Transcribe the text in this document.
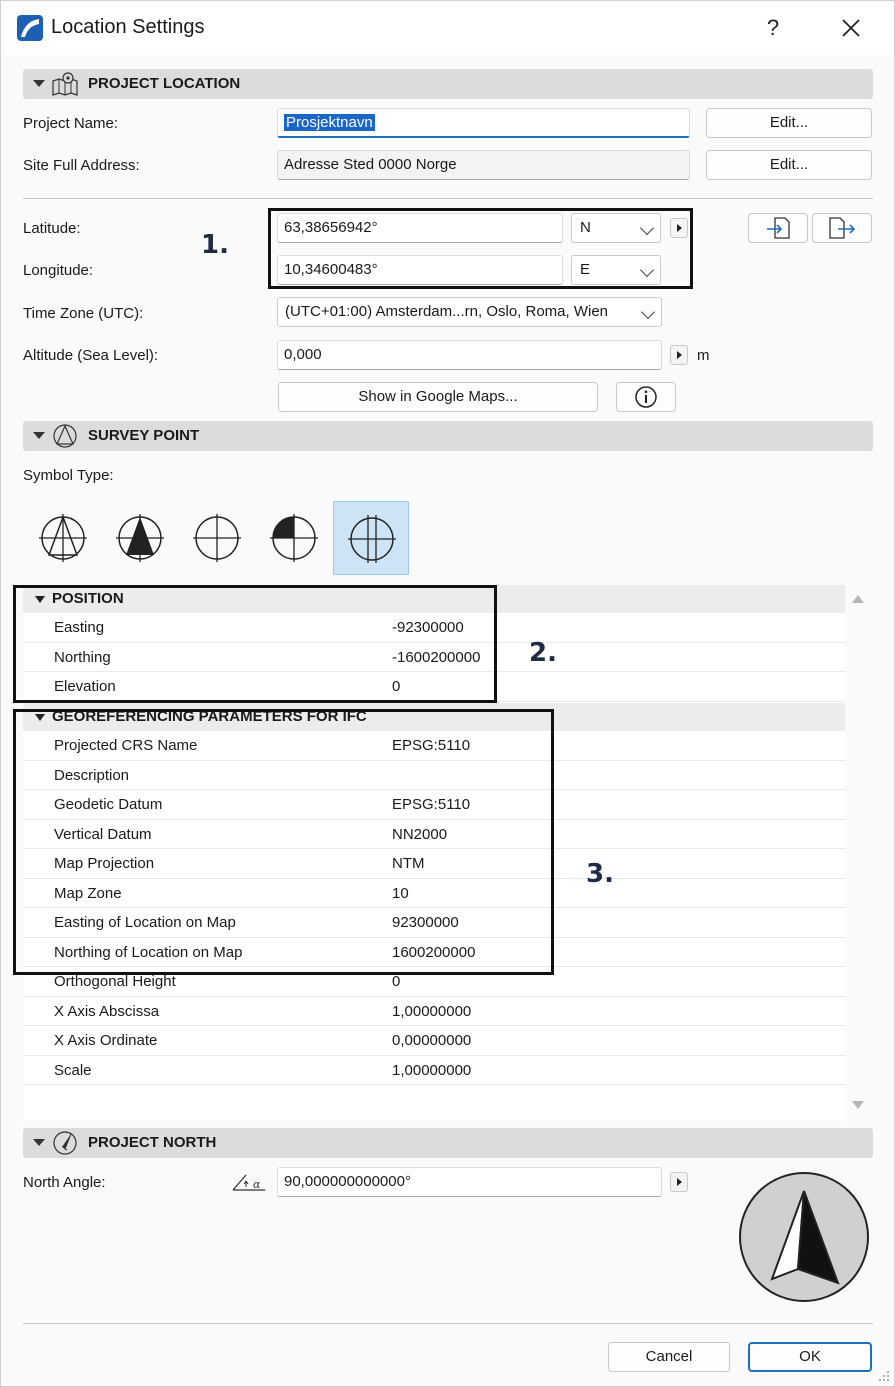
Location Settings	?
PROJECT LOCATION
Project Name:	Prosjektnavn	Edit...
Site Full Address:	Adresse Sted 0000 Norge	Edit...
Latitude:	63,38656942°	N
Longitude:	10,34600483°	E
1.
Time Zone (UTC):	(UTC+01:00) Amsterdam...rn, Oslo, Roma, Wien
Altitude (Sea Level):	0,000	m
Show in Google Maps...
SURVEY POINT
Symbol Type:
POSITION
Easting	-92300000
Northing	-1600200000
Elevation	0
GEOREFERENCING PARAMETERS FOR IFC
Projected CRS Name	EPSG:5110
Description
Geodetic Datum	EPSG:5110
Vertical Datum	NN2000
Map Projection	NTM
Map Zone	10
Easting of Location on Map	92300000
Northing of Location on Map	1600200000
Orthogonal Height	0
X Axis Abscissa	1,00000000
X Axis Ordinate	0,00000000
Scale	1,00000000
2.
3.
PROJECT NORTH
North Angle:	α	90,000000000000°
Cancel	OK
